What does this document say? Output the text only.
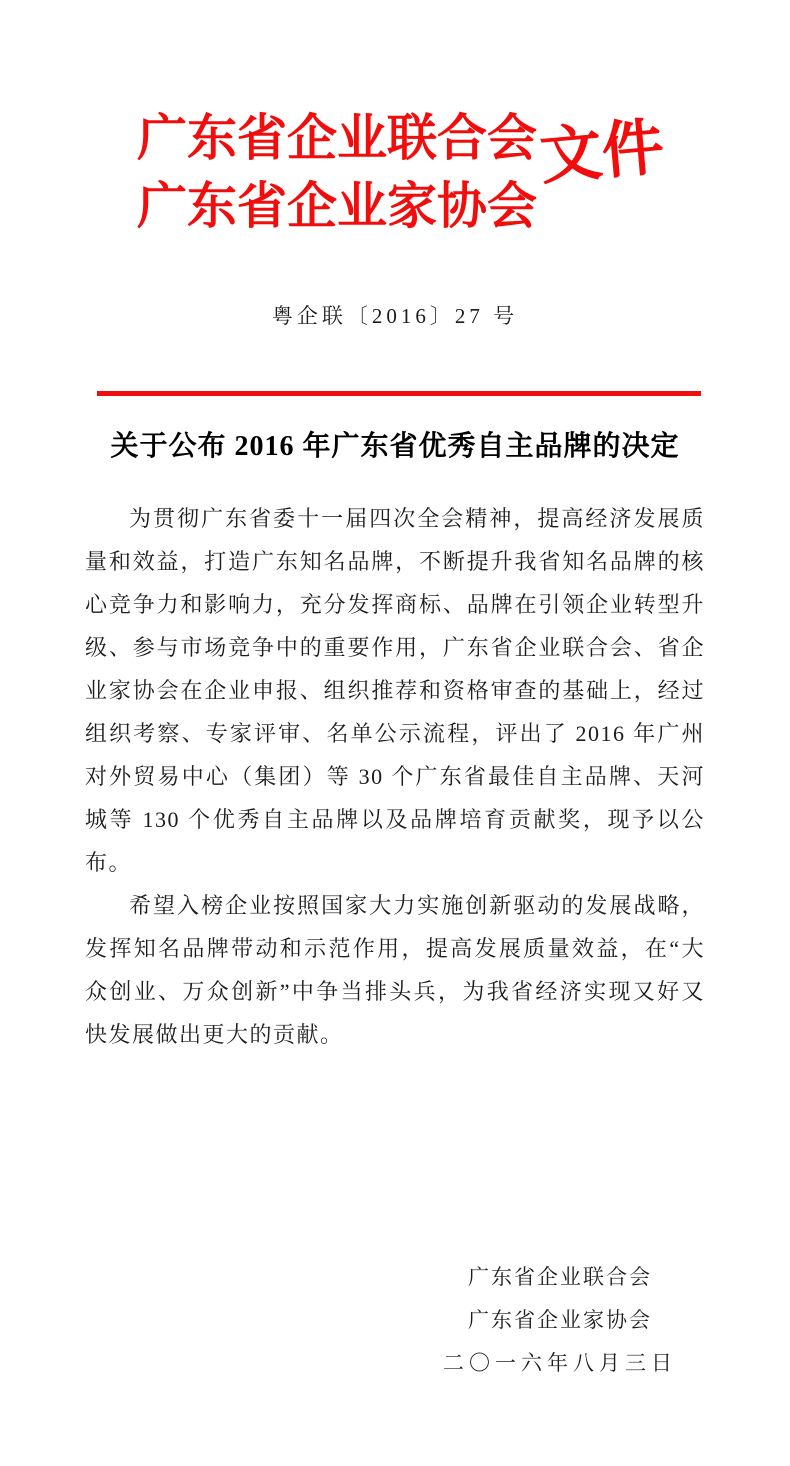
广东省企业联合会
广东省企业家协会
文件
粤企联〔2016〕27 号
关于公布 2016 年广东省优秀自主品牌的决定

为贯彻广东省委十一届四次全会精神，提高经济发展质量和效益，打造广东知名品牌，不断提升我省知名品牌的核心竞争力和影响力，充分发挥商标、品牌在引领企业转型升级、参与市场竞争中的重要作用，广东省企业联合会、省企业家协会在企业申报、组织推荐和资格审查的基础上，经过组织考察、专家评审、名单公示流程，评出了 2016 年广州对外贸易中心（集团）等 30 个广东省最佳自主品牌、天河城等 130 个优秀自主品牌以及品牌培育贡献奖，现予以公布。

希望入榜企业按照国家大力实施创新驱动的发展战略，发挥知名品牌带动和示范作用，提高发展质量效益，在“大众创业、万众创新”中争当排头兵，为我省经济实现又好又快发展做出更大的贡献。

广东省企业联合会
广东省企业家协会
二〇一六年八月三日
